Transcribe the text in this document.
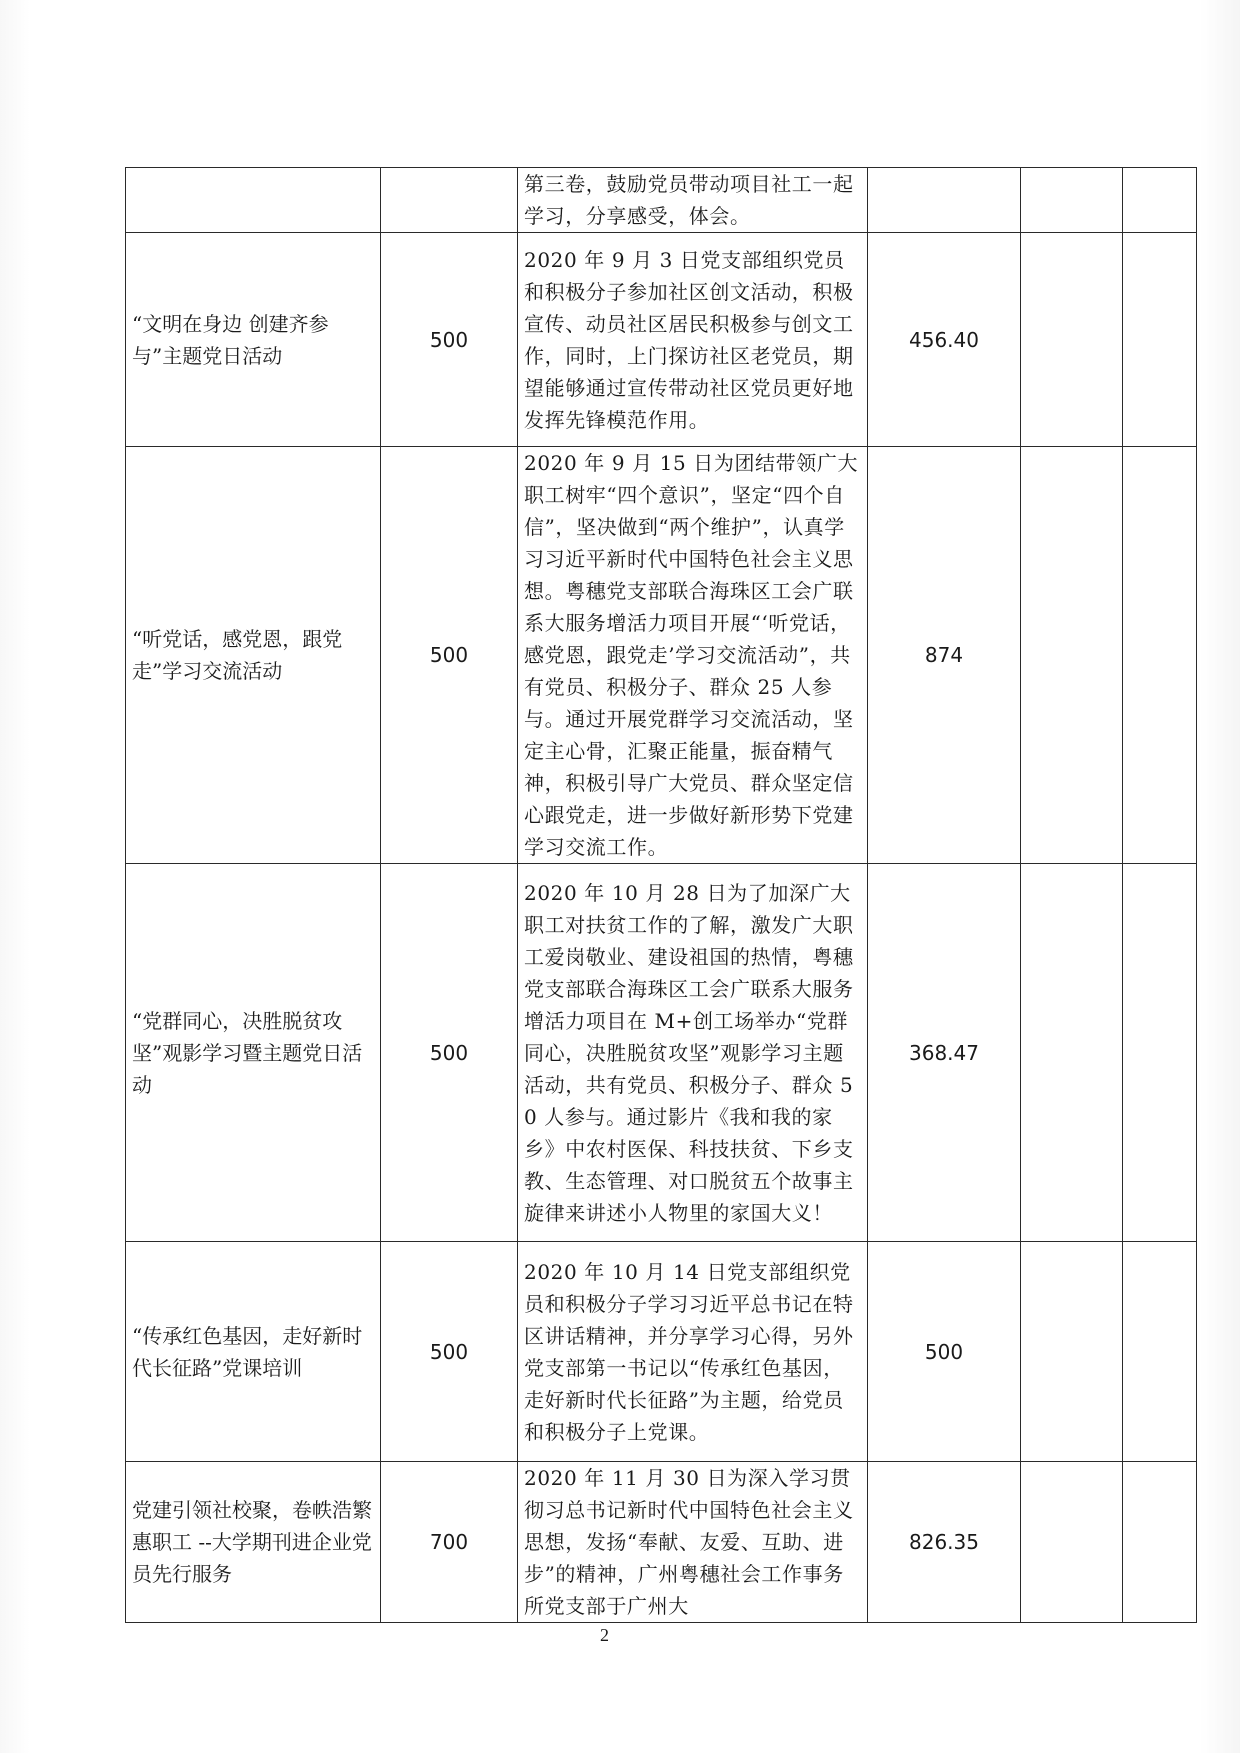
		第三卷，鼓励党员带动项目社工一起学习，分享感受，体会。			
“文明在身边 创建齐参与”主题党日活动	500	2020 年 9 月 3 日党支部组织党员和积极分子参加社区创文活动，积极宣传、动员社区居民积极参与创文工作，同时，上门探访社区老党员，期望能够通过宣传带动社区党员更好地发挥先锋模范作用。	456.40		
“听党话，感党恩，跟党走”学习交流活动	500	2020 年 9 月 15 日为团结带领广大职工树牢“四个意识”，坚定“四个自信”，坚决做到“两个维护”，认真学习习近平新时代中国特色社会主义思想。粤穗党支部联合海珠区工会广联系大服务增活力项目开展“‘听党话，感党恩，跟党走’学习交流活动”，共有党员、积极分子、群众 25 人参与。通过开展党群学习交流活动，坚定主心骨，汇聚正能量，振奋精气神，积极引导广大党员、群众坚定信心跟党走，进一步做好新形势下党建学习交流工作。	874		
“党群同心，决胜脱贫攻坚”观影学习暨主题党日活动	500	2020 年 10 月 28 日为了加深广大职工对扶贫工作的了解，激发广大职工爱岗敬业、建设祖国的热情，粤穗党支部联合海珠区工会广联系大服务增活力项目在 M+创工场举办“党群同心，决胜脱贫攻坚”观影学习主题活动，共有党员、积极分子、群众 50 人参与。通过影片《我和我的家乡》中农村医保、科技扶贫、下乡支教、生态管理、对口脱贫五个故事主旋律来讲述小人物里的家国大义！	368.47		
“传承红色基因，走好新时代长征路”党课培训	500	2020 年 10 月 14 日党支部组织党员和积极分子学习习近平总书记在特区讲话精神，并分享学习心得，另外党支部第一书记以“传承红色基因，走好新时代长征路”为主题，给党员和积极分子上党课。	500		
党建引领社校聚，卷帙浩繁惠职工 --大学期刊进企业党员先行服务	700	2020 年 11 月 30 日为深入学习贯彻习总书记新时代中国特色社会主义思想，发扬“奉献、友爱、互助、进步”的精神，广州粤穗社会工作事务所党支部于广州大	826.35		
2
